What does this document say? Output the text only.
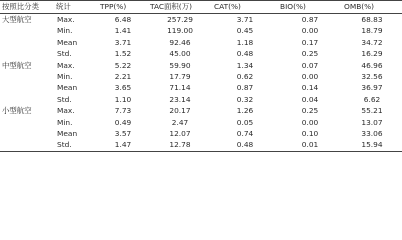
按照比分类	统计	TPP(%)	TAC面积(万)	CAT(%)	BIO(%)	OMB(%)	
大型航空	Max.	6.48	257.29	3.71	0.87	68.83	
	Min.	1.41	119.00	0.45	0.00	18.79	
	Mean	3.71	92.46	1.18	0.17	34.72	
	Std.	1.52	45.00	0.48	0.25	16.29	
中型航空	Max.	5.22	59.90	1.34	0.07	46.96	
	Min.	2.21	17.79	0.62	0.00	32.56	
	Mean	3.65	71.14	0.87	0.14	36.97	
	Std.	1.10	23.14	0.32	0.04	6.62	
小型航空	Max.	7.73	20.17	1.26	0.25	55.21	
	Min.	0.49	2.47	0.05	0.00	13.07	
	Mean	3.57	12.07	0.74	0.10	33.06	
	Std.	1.47	12.78	0.48	0.01	15.94	
